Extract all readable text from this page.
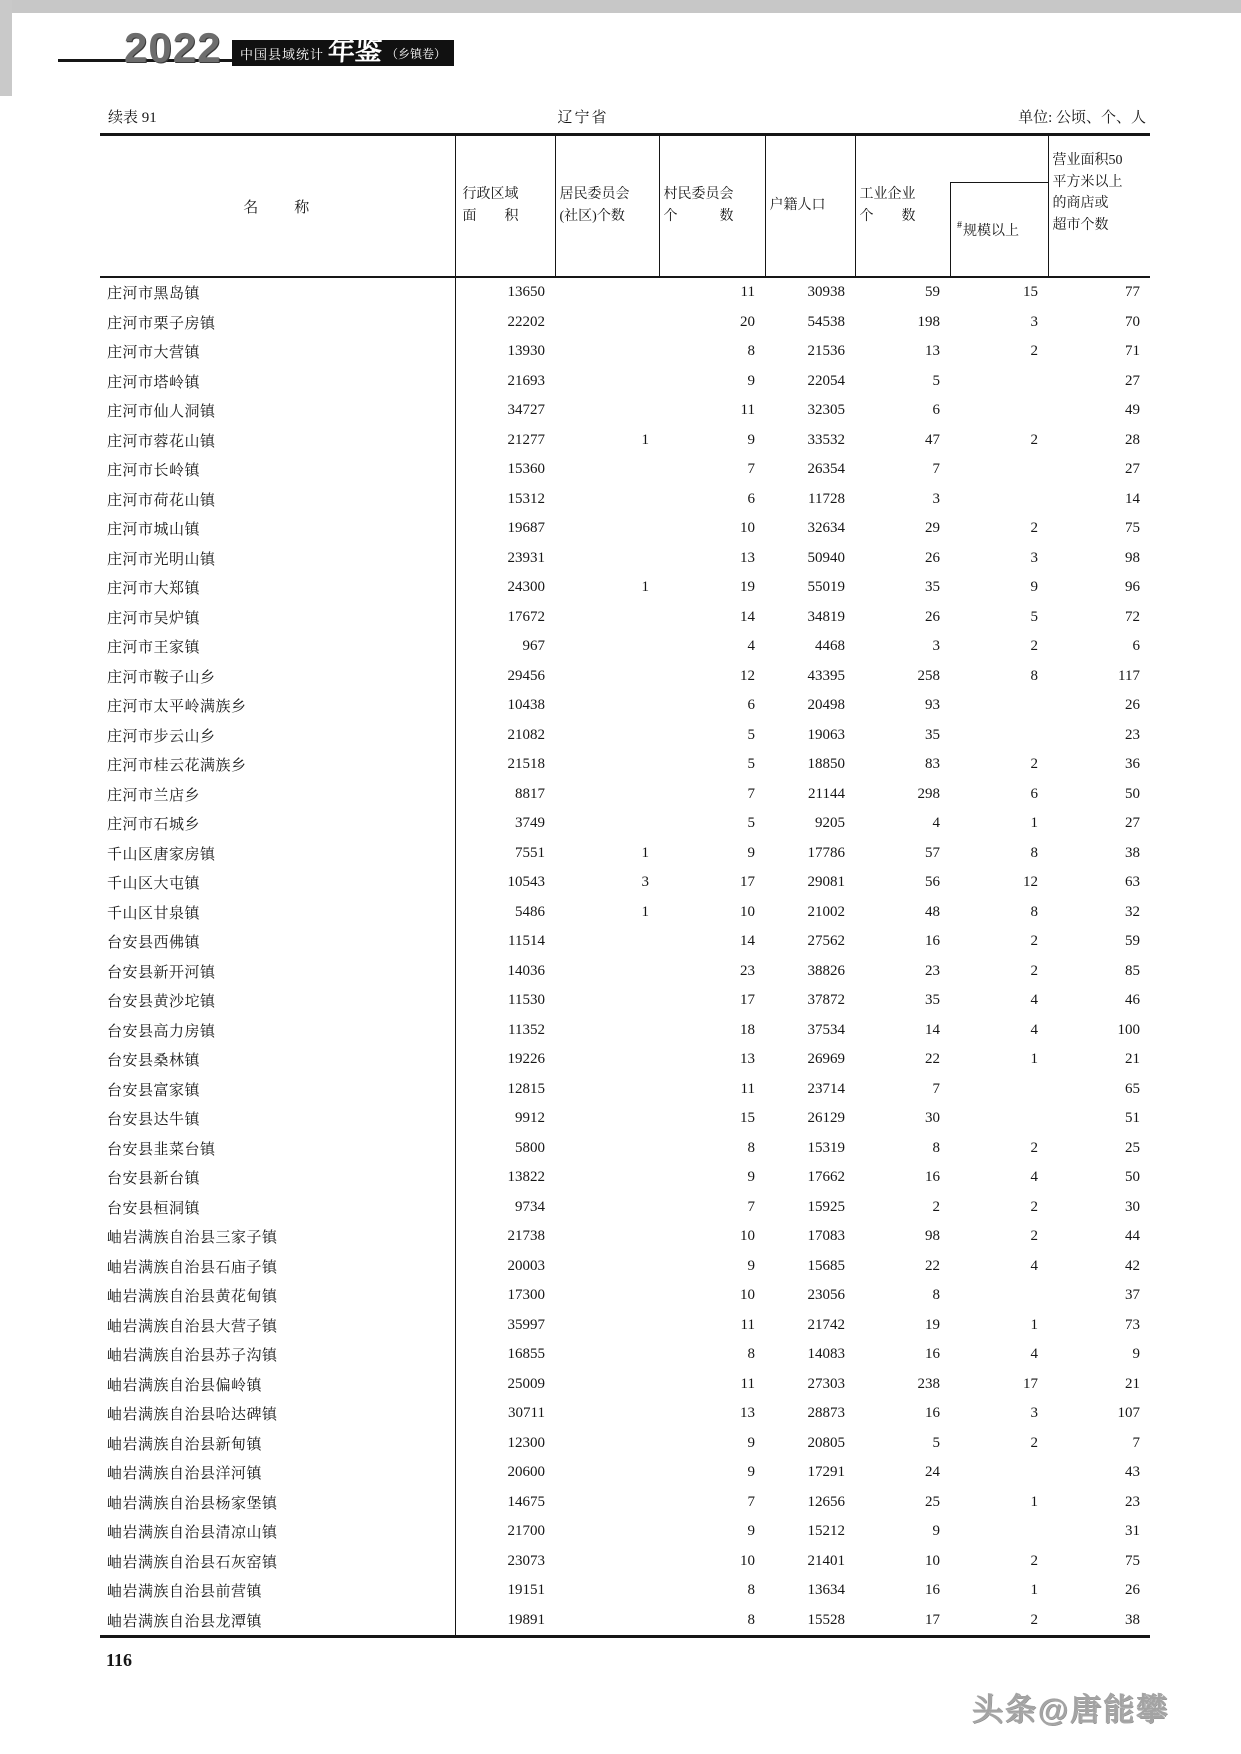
2022 中国县域统计 年鉴 （乡镇卷）
续表 91	辽宁省	单位: 公顷、个、人
名　　称	
行政区域
面　　积

居民委员会
(社区)个数

村民委员会
个　　　数
	户籍人口	
工业企业
个　　数

#规模以上

营业面积50
平方米以上
的商店或
超市个数

庄河市黑岛镇	13650		11	30938	59	15	77
庄河市栗子房镇	22202		20	54538	198	3	70
庄河市大营镇	13930		8	21536	13	2	71
庄河市塔岭镇	21693		9	22054	5		27
庄河市仙人洞镇	34727		11	32305	6		49
庄河市蓉花山镇	21277	1	9	33532	47	2	28
庄河市长岭镇	15360		7	26354	7		27
庄河市荷花山镇	15312		6	11728	3		14
庄河市城山镇	19687		10	32634	29	2	75
庄河市光明山镇	23931		13	50940	26	3	98
庄河市大郑镇	24300	1	19	55019	35	9	96
庄河市吴炉镇	17672		14	34819	26	5	72
庄河市王家镇	967		4	4468	3	2	6
庄河市鞍子山乡	29456		12	43395	258	8	117
庄河市太平岭满族乡	10438		6	20498	93		26
庄河市步云山乡	21082		5	19063	35		23
庄河市桂云花满族乡	21518		5	18850	83	2	36
庄河市兰店乡	8817		7	21144	298	6	50
庄河市石城乡	3749		5	9205	4	1	27
千山区唐家房镇	7551	1	9	17786	57	8	38
千山区大屯镇	10543	3	17	29081	56	12	63
千山区甘泉镇	5486	1	10	21002	48	8	32
台安县西佛镇	11514		14	27562	16	2	59
台安县新开河镇	14036		23	38826	23	2	85
台安县黄沙坨镇	11530		17	37872	35	4	46
台安县高力房镇	11352		18	37534	14	4	100
台安县桑林镇	19226		13	26969	22	1	21
台安县富家镇	12815		11	23714	7		65
台安县达牛镇	9912		15	26129	30		51
台安县韭菜台镇	5800		8	15319	8	2	25
台安县新台镇	13822		9	17662	16	4	50
台安县桓洞镇	9734		7	15925	2	2	30
岫岩满族自治县三家子镇	21738		10	17083	98	2	44
岫岩满族自治县石庙子镇	20003		9	15685	22	4	42
岫岩满族自治县黄花甸镇	17300		10	23056	8		37
岫岩满族自治县大营子镇	35997		11	21742	19	1	73
岫岩满族自治县苏子沟镇	16855		8	14083	16	4	9
岫岩满族自治县偏岭镇	25009		11	27303	238	17	21
岫岩满族自治县哈达碑镇	30711		13	28873	16	3	107
岫岩满族自治县新甸镇	12300		9	20805	5	2	7
岫岩满族自治县洋河镇	20600		9	17291	24		43
岫岩满族自治县杨家堡镇	14675		7	12656	25	1	23
岫岩满族自治县清凉山镇	21700		9	15212	9		31
岫岩满族自治县石灰窑镇	23073		10	21401	10	2	75
岫岩满族自治县前营镇	19151		8	13634	16	1	26
岫岩满族自治县龙潭镇	19891		8	15528	17	2	38
116
头条@唐能攀
